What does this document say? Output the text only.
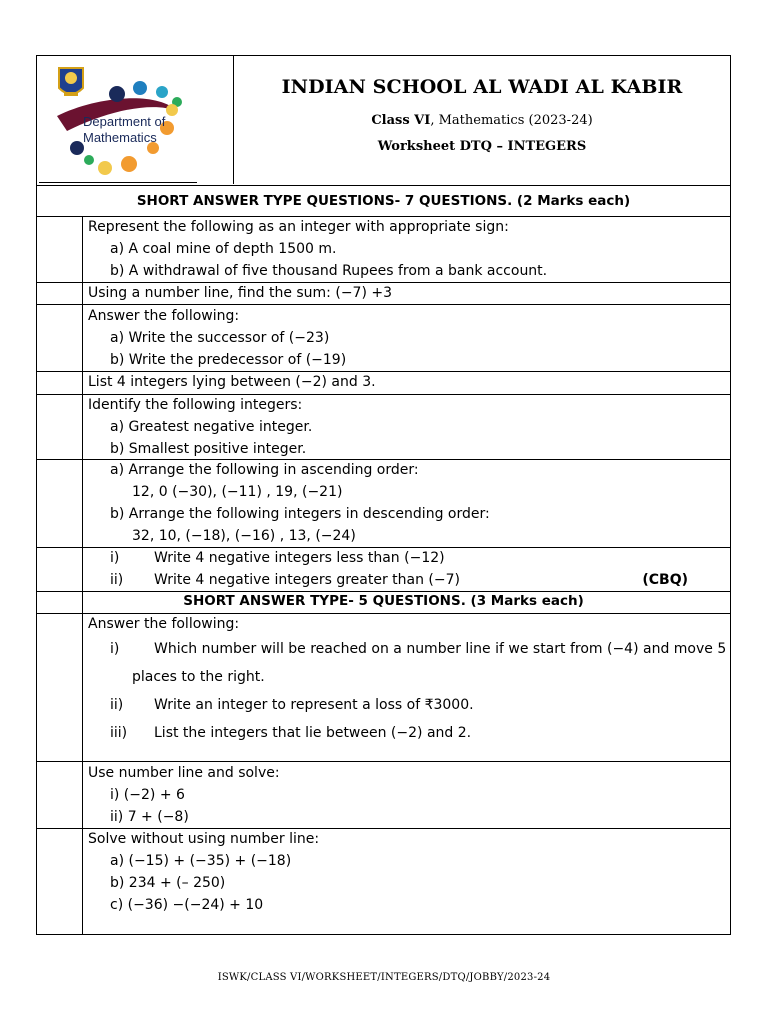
Department of
Mathematics
INDIAN SCHOOL AL WADI AL KABIR
Class VI, Mathematics (2023-24)
Worksheet DTQ – INTEGERS
SHORT ANSWER TYPE QUESTIONS- 7 QUESTIONS. (2 Marks each)
Represent the following as an integer with appropriate sign:
a) A coal mine of depth 1500 m.
b) A withdrawal of five thousand Rupees from a bank account.
Using a number line, find the sum: (−7) +3
Answer the following:
a) Write the successor of (−23)
b) Write the predecessor of (−19)
List 4 integers lying between (−2) and 3.
Identify the following integers:
a) Greatest negative integer.
b) Smallest positive integer.
a) Arrange the following in ascending order:
12, 0 (−30), (−11) , 19, (−21)
b) Arrange the following integers in descending order:
32, 10, (−18), (−16) , 13, (−24)
i) Write 4 negative integers less than (−12)
ii) Write 4 negative integers greater than (−7)	(CBQ)
SHORT ANSWER TYPE- 5 QUESTIONS. (3 Marks each)
Answer the following:
i) Which number will be reached on a number line if we start from (−4) and move 5
places to the right.
ii) Write an integer to represent a loss of ₹3000.
iii) List the integers that lie between (−2) and 2.
Use number line and solve:
i) (−2) + 6
ii) 7 + (−8)
Solve without using number line:
a) (−15) + (−35) + (−18)
b) 234 + (– 250)
c) (−36) −(−24) + 10
ISWK/CLASS VI/WORKSHEET/INTEGERS/DTQ/JOBBY/2023-24
